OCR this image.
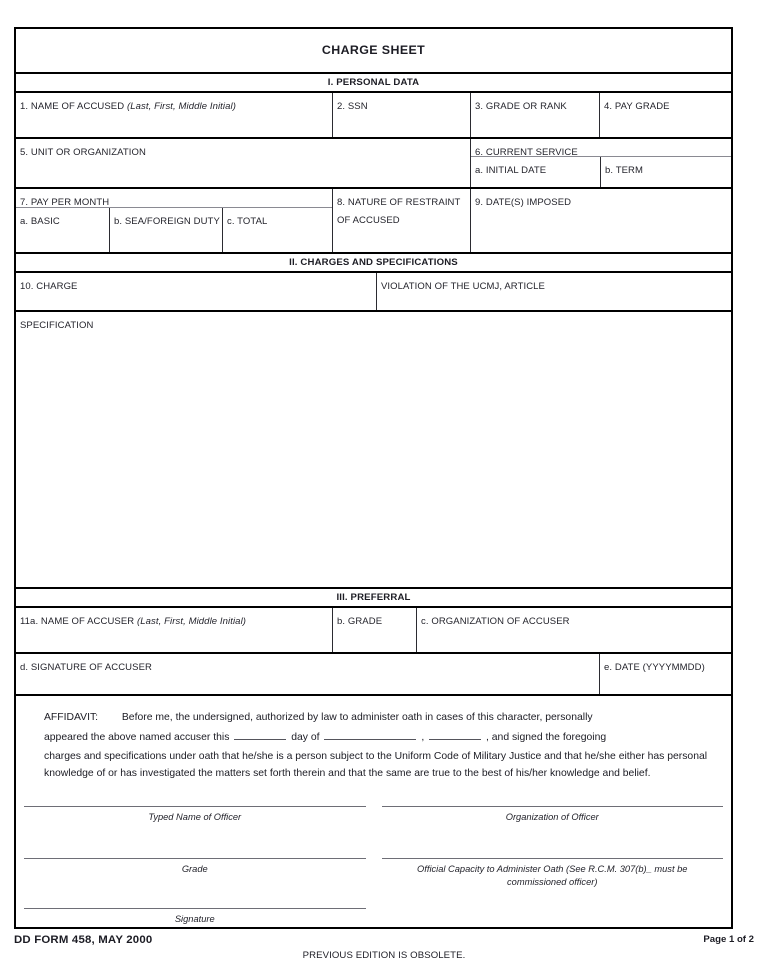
CHARGE SHEET
I. PERSONAL DATA
1. NAME OF ACCUSED (Last, First, Middle Initial)	2. SSN	3. GRADE OR RANK	4. PAY GRADE
5. UNIT OR ORGANIZATION	6. CURRENT SERVICE
a. INITIAL DATE	b. TERM
7. PAY PER MONTH
a. BASIC	b. SEA/FOREIGN DUTY c. TOTAL
8. NATURE OF RESTRAINT OF ACCUSED
9. DATE(S) IMPOSED
II. CHARGES AND SPECIFICATIONS
10. CHARGE	VIOLATION OF THE UCMJ, ARTICLE
SPECIFICATION
III. PREFERRAL
11a. NAME OF ACCUSER (Last, First, Middle Initial)	b. GRADE	c. ORGANIZATION OF ACCUSER
d. SIGNATURE OF ACCUSER	e. DATE (YYYYMMDD)
AFFIDAVIT: Before me, the undersigned, authorized by law to administer oath in cases of this character, personally
appeared the above named accuser this	day of	,	, and signed the foregoing
charges and specifications under oath that he/she is a person subject to the Uniform Code of Military Justice and that he/she either has personal knowledge of or has investigated the matters set forth therein and that the same are true to the best of his/her knowledge and belief.
Typed Name of Officer	Organization of Officer
Grade	Official Capacity to Administer Oath (See R.C.M. 307(b)_ must be commissioned officer)
Signature
DD FORM 458, MAY 2000	Page 1 of 2
PREVIOUS EDITION IS OBSOLETE.
